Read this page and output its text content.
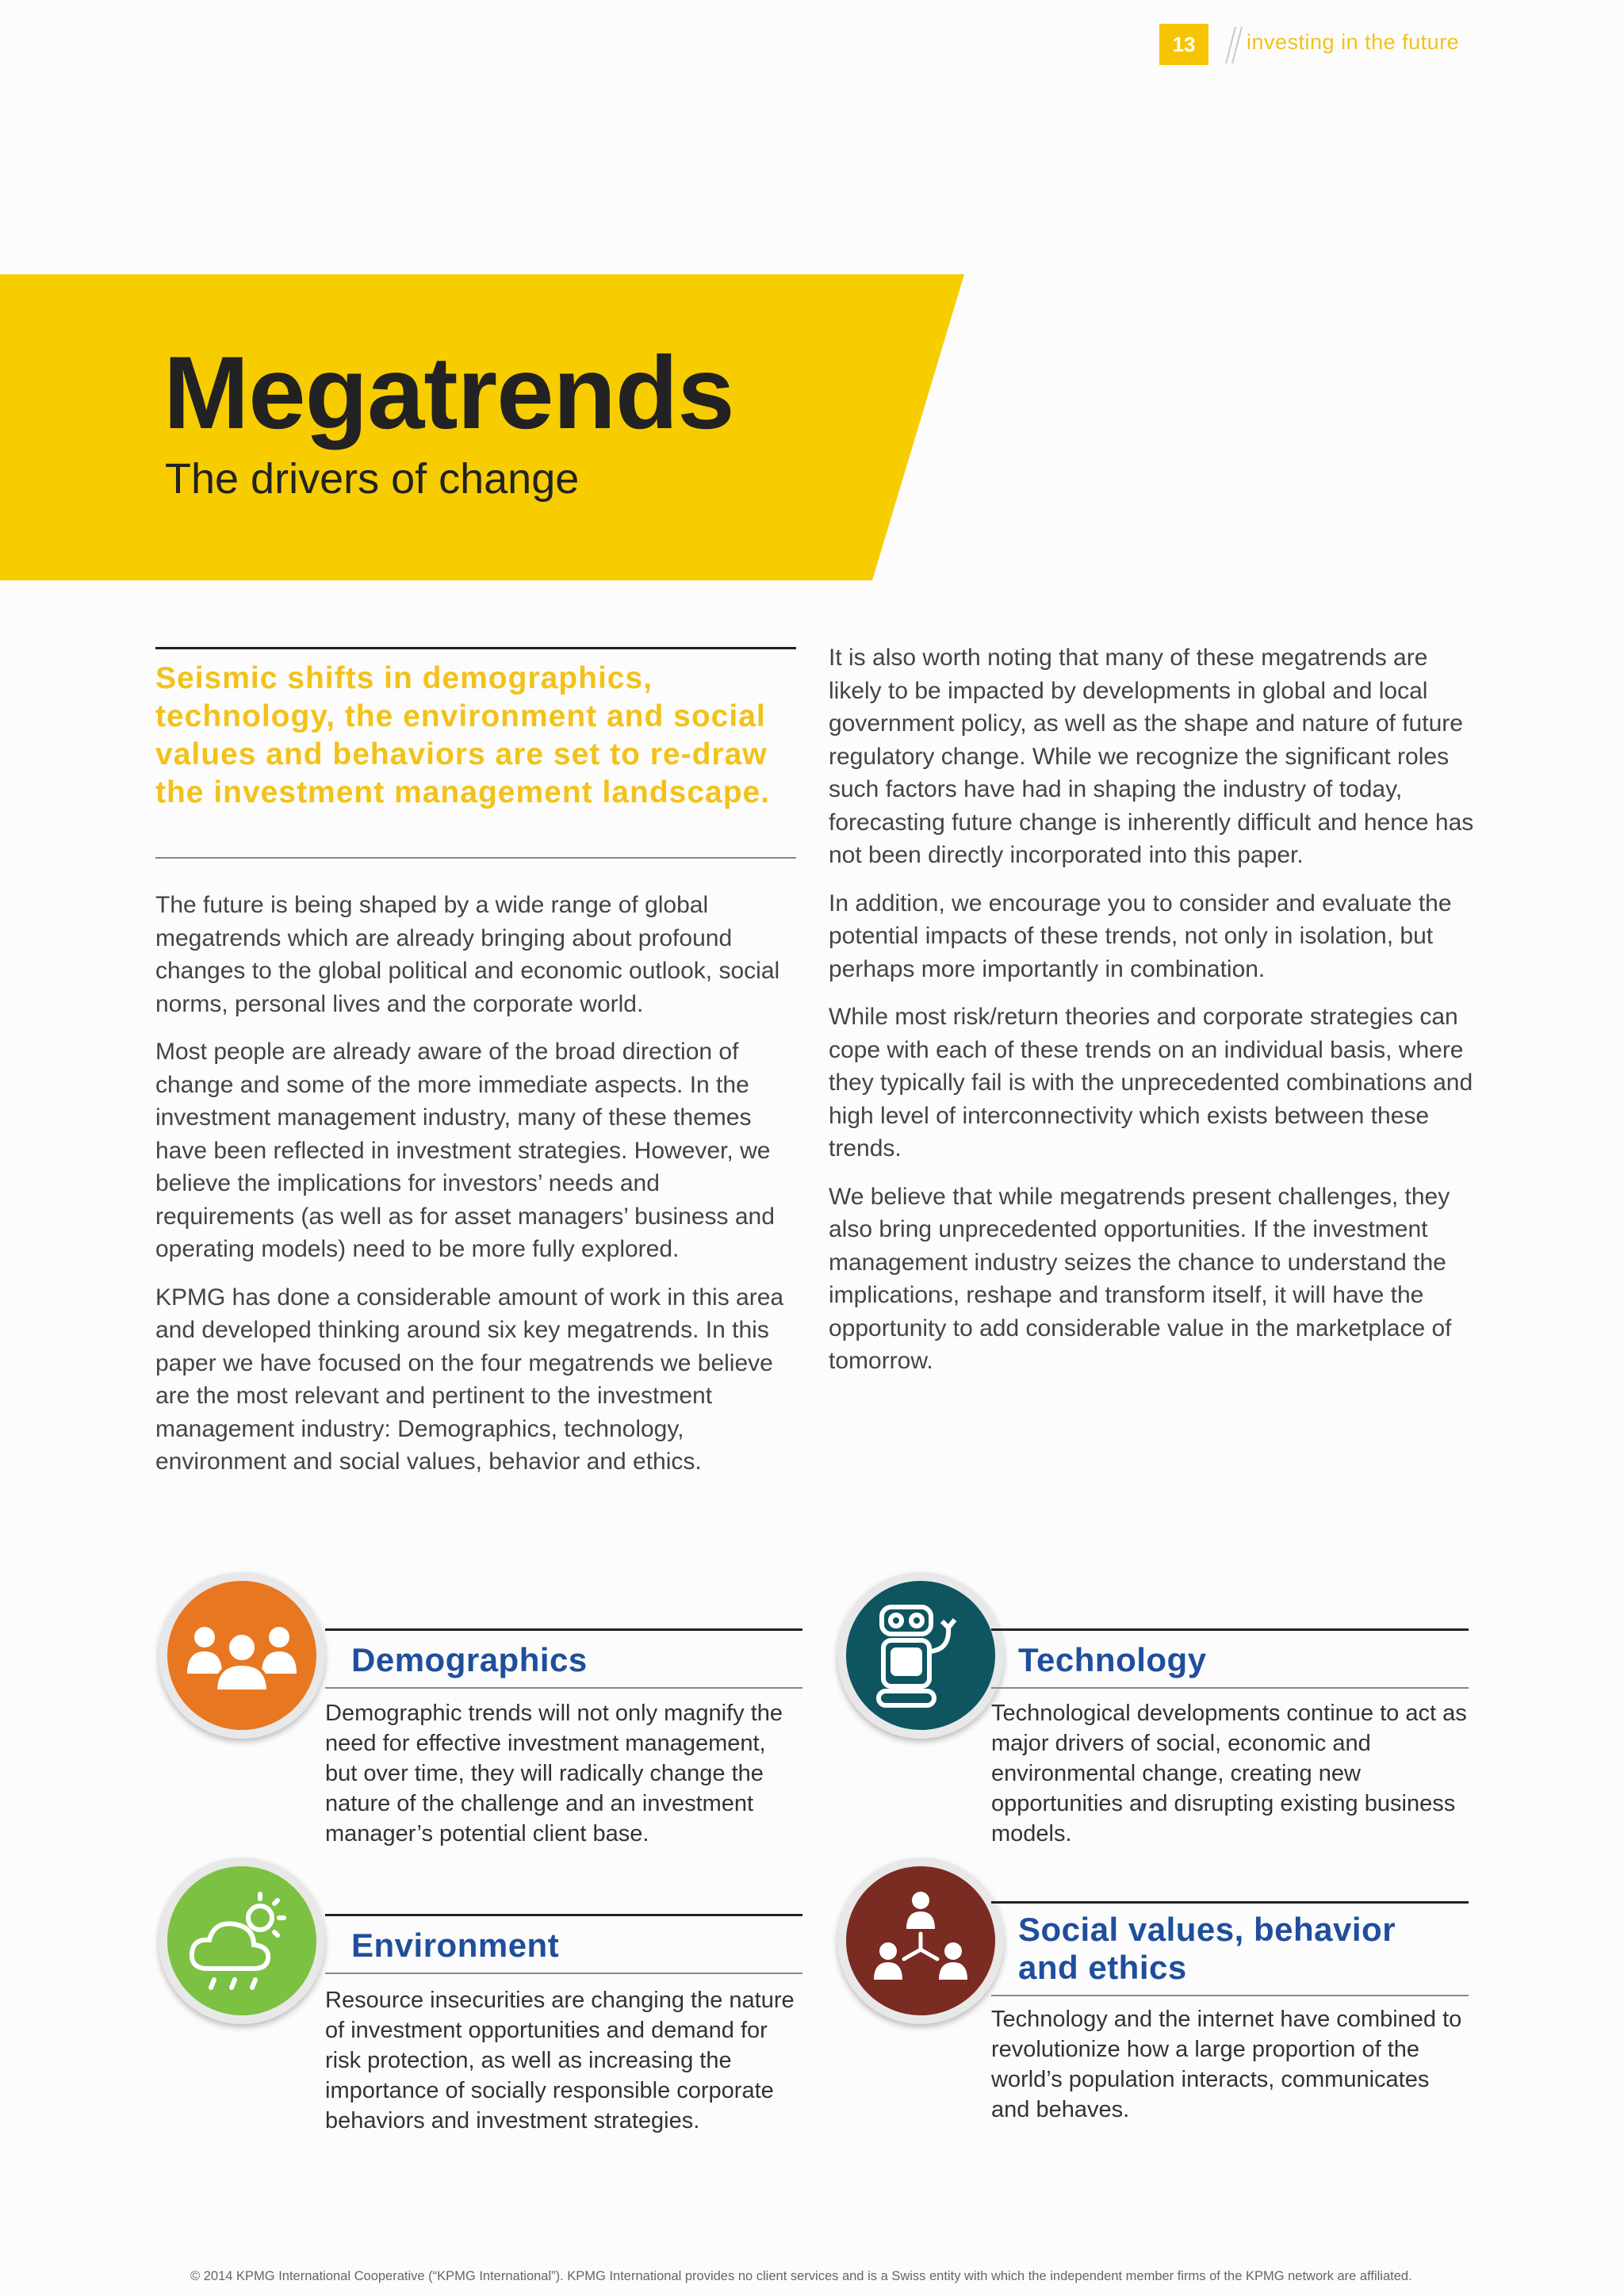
13	investing in the future
Megatrends
The drivers of change

Seismic shifts in demographics, technology, the environment and social values and behaviors are set to re-draw the investment management landscape.

The future is being shaped by a wide range of global megatrends which are already bringing about profound changes to the global political and economic outlook, social norms, personal lives and the corporate world.

Most people are already aware of the broad direction of change and some of the more immediate aspects. In the investment management industry, many of these themes have been reflected in investment strategies. However, we believe the implications for investors’ needs and requirements (as well as for asset managers’ business and operating models) need to be more fully explored.

KPMG has done a considerable amount of work in this area and developed thinking around six key megatrends. In this paper we have focused on the four megatrends we believe are the most relevant and pertinent to the investment management industry: Demographics, technology, environment and social values, behavior and ethics.

It is also worth noting that many of these megatrends are likely to be impacted by developments in global and local government policy, as well as the shape and nature of future regulatory change. While we recognize the significant roles such factors have had in shaping the industry of today, forecasting future change is inherently difficult and hence has not been directly incorporated into this paper.

In addition, we encourage you to consider and evaluate the potential impacts of these trends, not only in isolation, but perhaps more importantly in combination.

While most risk/return theories and corporate strategies can cope with each of these trends on an individual basis, where they typically fail is with the unprecedented combinations and high level of interconnectivity which exists between these trends.

We believe that while megatrends present challenges, they also bring unprecedented opportunities. If the investment management industry seizes the chance to understand the implications, reshape and transform itself, it will have the opportunity to add considerable value in the marketplace of tomorrow.

Demographics

Demographic trends will not only magnify the need for effective investment management, but over time, they will radically change the nature of the challenge and an investment manager’s potential client base.

Technology

Technological developments continue to act as major drivers of social, economic and environmental change, creating new opportunities and disrupting existing business models.

Environment

Resource insecurities are changing the nature of investment opportunities and demand for risk protection, as well as increasing the importance of socially responsible corporate behaviors and investment strategies.

Social values, behavior
and ethics

Technology and the internet have combined to revolutionize how a large proportion of the world’s population interacts, communicates and behaves.

© 2014 KPMG International Cooperative (“KPMG International”). KPMG International provides no client services and is a Swiss entity with which the independent member firms of the KPMG network are affiliated.
